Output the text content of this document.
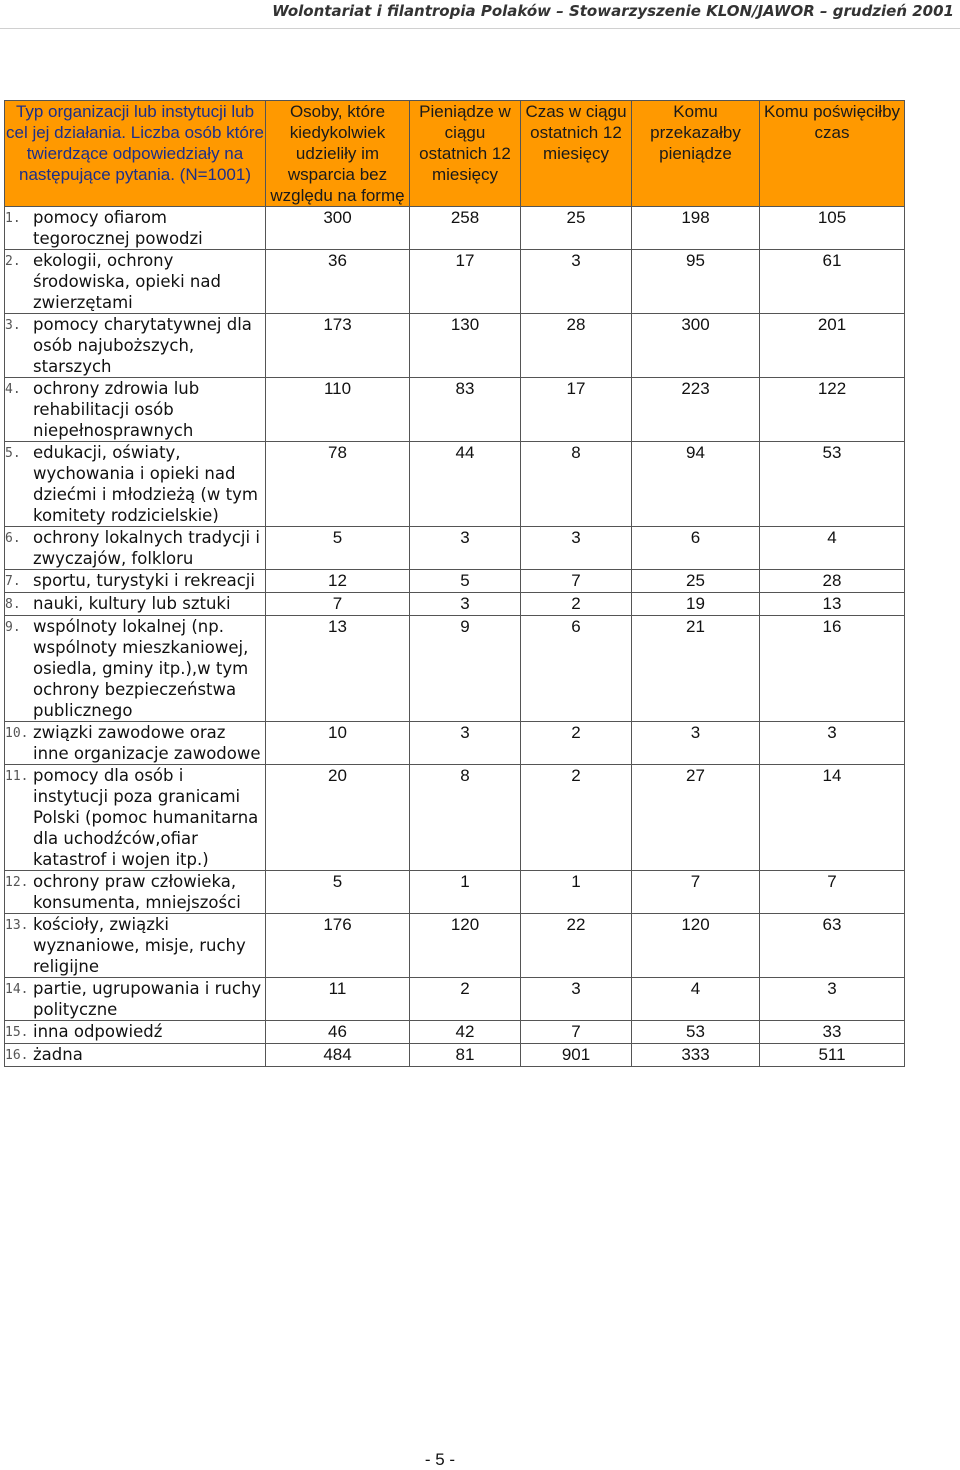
Wolontariat i filantropia Polaków – Stowarzyszenie KLON/JAWOR – grudzień 2001
Typ organizacji lub instytucji lub cel jej działania. Liczba osób które twierdzące odpowiedziały na następujące pytania. (N=1001)	Osoby, które kiedykolwiek udzieliły im wsparcia bez względu na formę	Pieniądze w ciągu ostatnich 12 miesięcy	Czas w ciągu ostatnich 12 miesięcy	Komu przekazałby pieniądze	Komu poświęciłby czas

1. pomocy ofiarom tegorocznej powodzi	300	258	25	198	105

2. ekologii, ochrony środowiska, opieki nad zwierzętami	36	17	3	95	61

3. pomocy charytatywnej dla osób najuboższych, starszych	173	130	28	300	201

4. ochrony zdrowia lub rehabilitacji osób niepełnosprawnych	110	83	17	223	122

5. edukacji, oświaty, wychowania i opieki nad dziećmi i młodzieżą (w tym komitety rodzicielskie)	78	44	8	94	53

6. ochrony lokalnych tradycji i zwyczajów, folkloru	5	3	3	6	4

7. sportu, turystyki i rekreacji	12	5	7	25	28

8. nauki, kultury lub sztuki	7	3	2	19	13

9. wspólnoty lokalnej (np. wspólnoty mieszkaniowej, osiedla, gminy itp.),w tym ochrony bezpieczeństwa publicznego	13	9	6	21	16

10. związki zawodowe oraz inne organizacje zawodowe	10	3	2	3	3

11. pomocy dla osób i instytucji poza granicami Polski (pomoc humanitarna dla uchodźców,ofiar katastrof i wojen itp.)	20	8	2	27	14

12. ochrony praw człowieka, konsumenta, mniejszości	5	1	1	7	7

13. kościoły, związki wyznaniowe, misje, ruchy religijne	176	120	22	120	63

14. partie, ugrupowania i ruchy polityczne	11	2	3	4	3

15. inna odpowiedź	46	42	7	53	33

16. żadna	484	81	901	333	511
- 5 -
